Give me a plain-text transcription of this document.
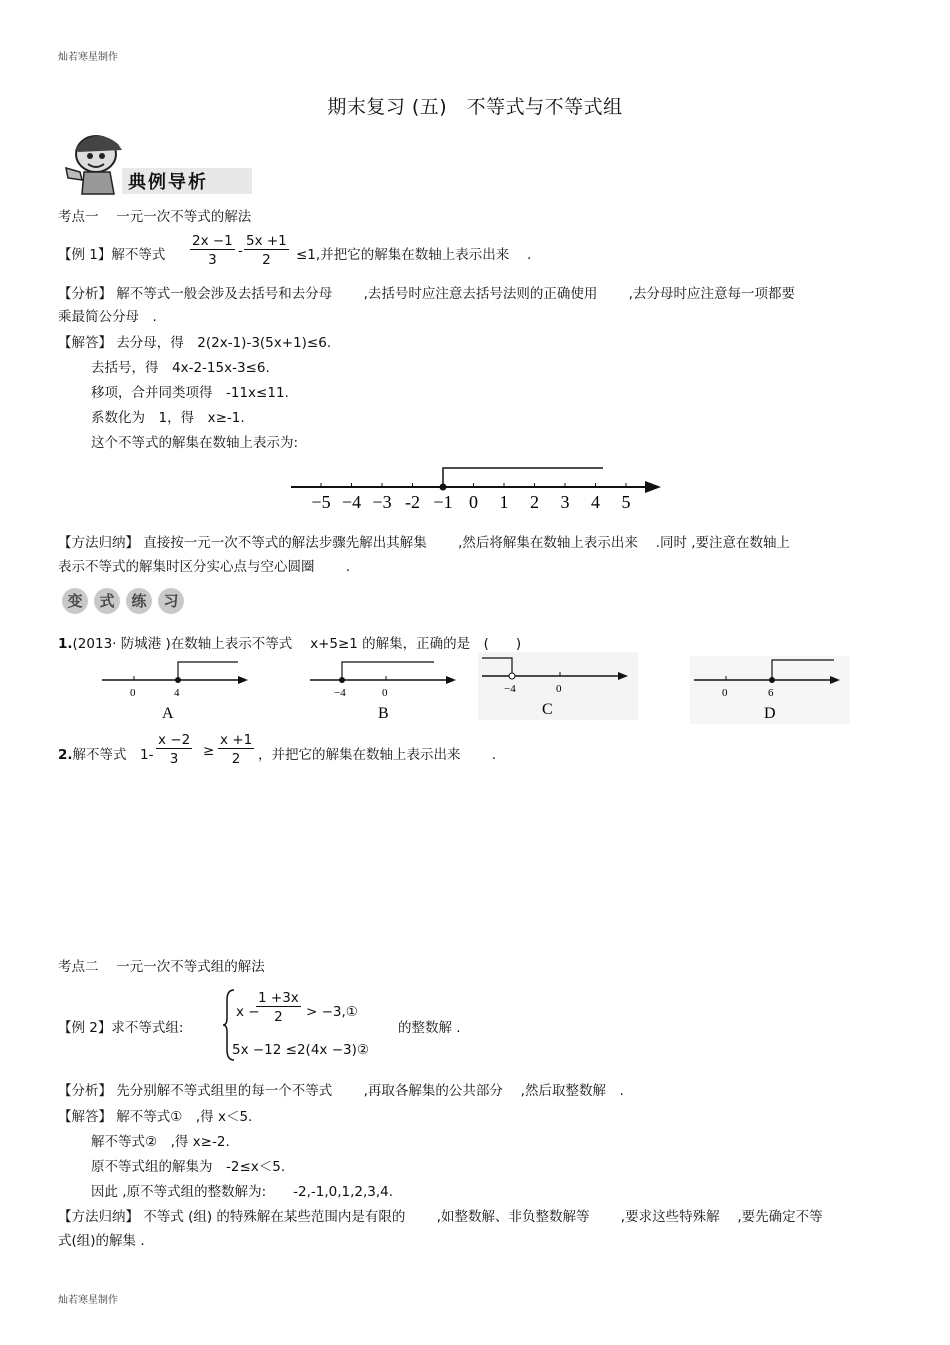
灿若寒星制作
期末复习 (五)　不等式与不等式组
典例导析
考点一　 一元一次不等式的解法
【例 1】解不等式 $\frac{2x -1}{3} - \frac{5x +1}{2} \le 1$,并把它的解集在数轴上表示出来　 .
【分析】 解不等式一般会涉及去括号和去分母　　 ,去括号时应注意去括号法则的正确使用　　 ,去分母时应注意每一项都要
乘最简公分母　.
【解答】 去分母，得　2(2x-1)-3(5x+1)≤6.
去括号，得　4x-2-15x-3≤6.
移项，合并同类项得　-11x≤11.
系数化为　1，得　x≥-1.
这个不等式的解集在数轴上表示为:
−5 −4 −3 -2 −1 0 1 2 3 4 5
【方法归纳】 直接按一元一次不等式的解法步骤先解出其解集　　 ,然后将解集在数轴上表示出来　 .同时 ,要注意在数轴上
表示不等式的解集时区分实心点与空心圆圈　　 .
变	式	练	习
1.(2013· 防城港 )在数轴上表示不等式　 x+5≥1 的解集，正确的是　(　　)
0	4
A
−4	0
B
−4	0
C
0	6
D
2.解不等式　$1- \frac{x -2}{3} \ge \frac{x +1}{2}$ ，并把它的解集在数轴上表示出来　　 .
考点二　 一元一次不等式组的解法
【例 2】求不等式组:
x −
$\frac{1 +3x}{2}$ > −3,①
5x −12 ≤2(4x −3)②
的整数解 .
【分析】 先分别解不等式组里的每一个不等式　　 ,再取各解集的公共部分　 ,然后取整数解　.
【解答】 解不等式①　,得 x＜5.
解不等式②　,得 x≥-2.
原不等式组的解集为　-2≤x＜5.
因此 ,原不等式组的整数解为:　　-2,-1,0,1,2,3,4.
【方法归纳】 不等式 (组) 的特殊解在某些范围内是有限的　　 ,如整数解、非负整数解等　　 ,要求这些特殊解　 ,要先确定不等
式(组)的解集 .
灿若寒星制作
